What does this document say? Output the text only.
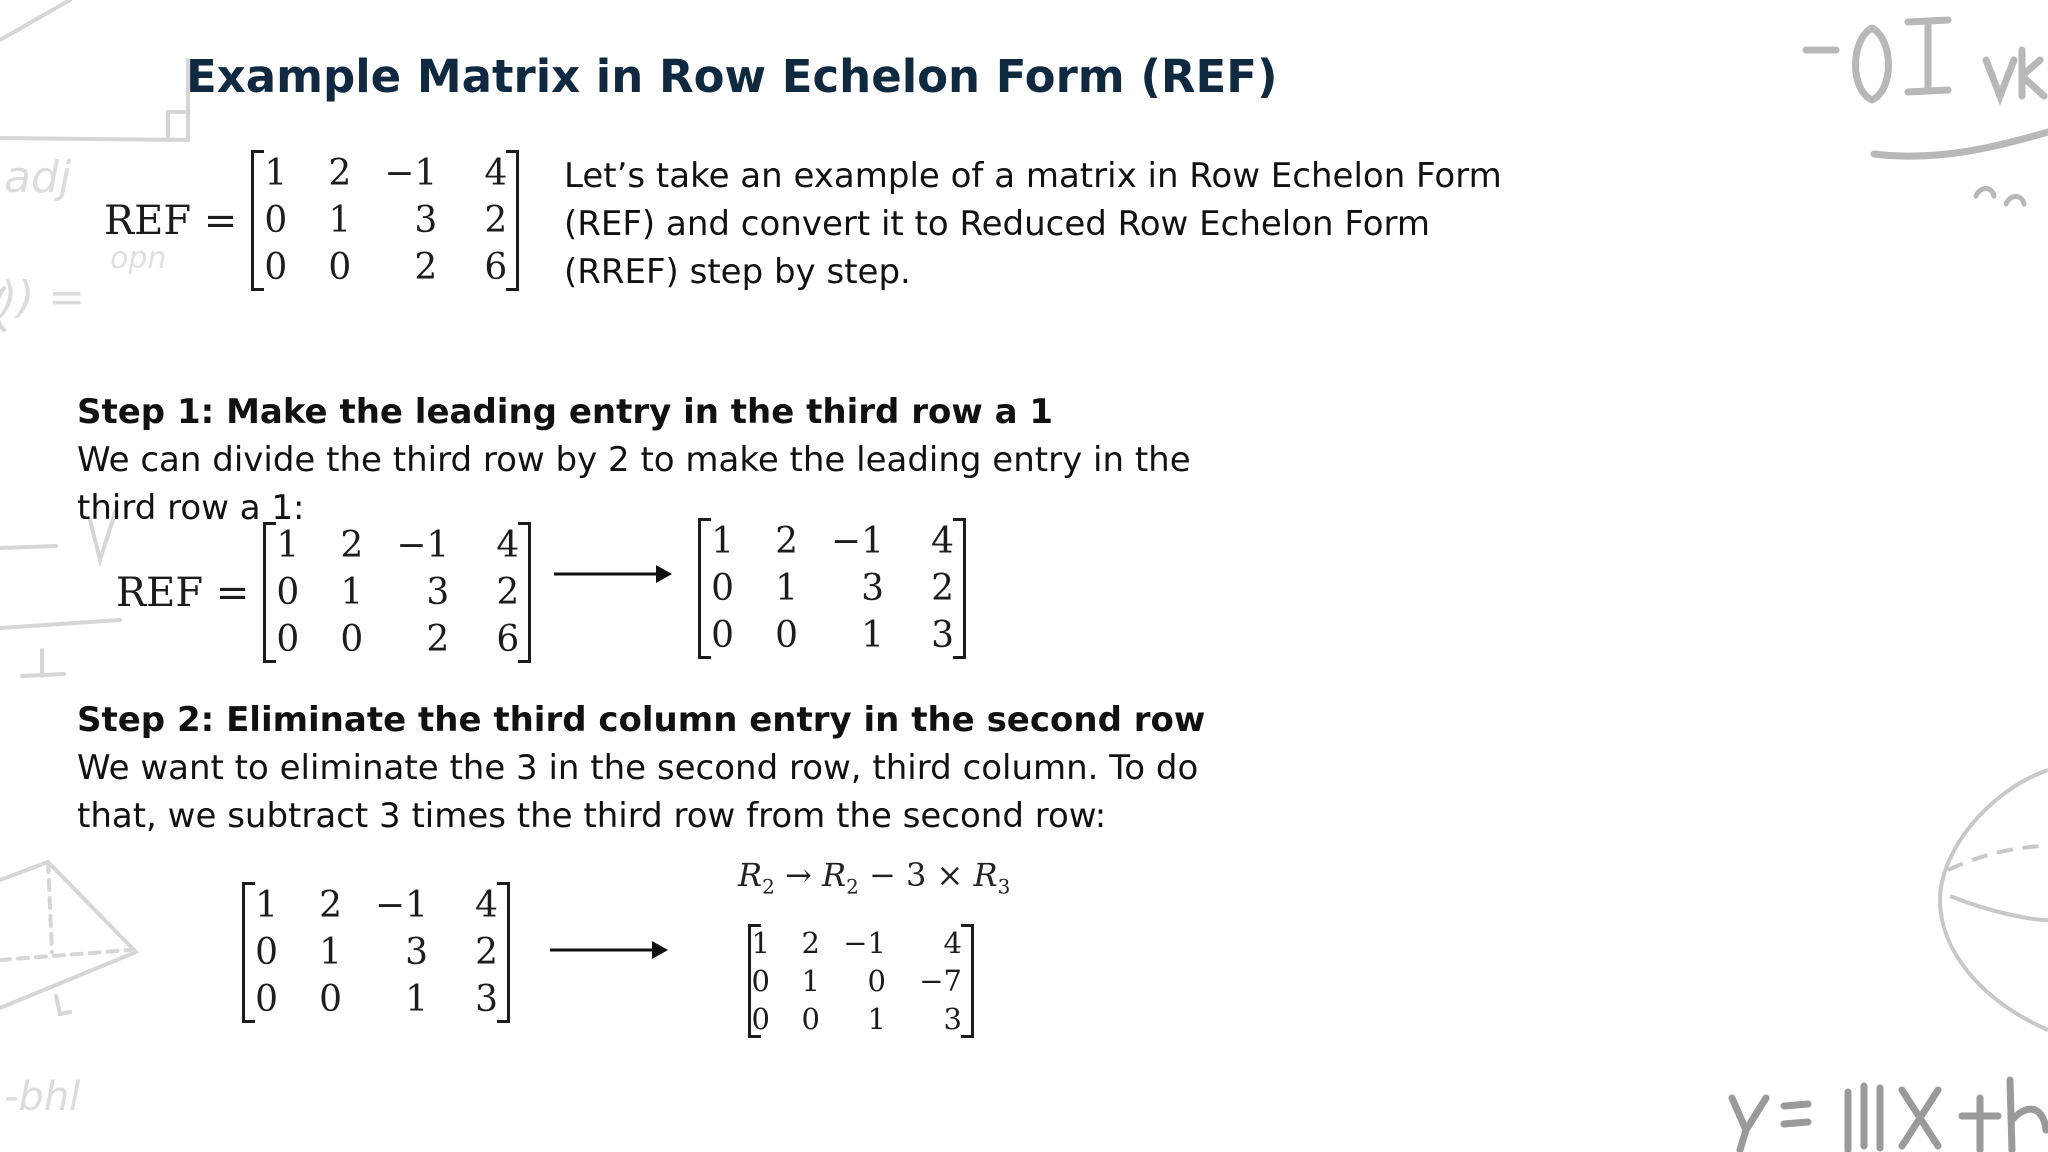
adj
opn
)) =
-bhl
Example Matrix in Row Echelon Form (REF)
REF =
1	2 −1	4
0	1	3	2
0	0	2	6
Let’s take an example of a matrix in Row Echelon Form (REF) and convert it to Reduced Row Echelon Form (RREF) step by step.
Step 1: Make the leading entry in the third row a 1
We can divide the third row by 2 to make the leading entry in the third row a 1:
REF =
1	2 −1	4
0	1	3	2
0	0	2	6
1	2 −1	4
0	1	3	2
0	0	1	3
Step 2: Eliminate the third column entry in the second row
We want to eliminate the 3 in the second row, third column. To do that, we subtract 3 times the third row from the second row:
1	2 −1	4
0	1	3	2
0	0	1	3
$R_2 \to R_2 - 3 \times R_3$
1	2 −1	4
0	1	0	−7
0	0	1	3
